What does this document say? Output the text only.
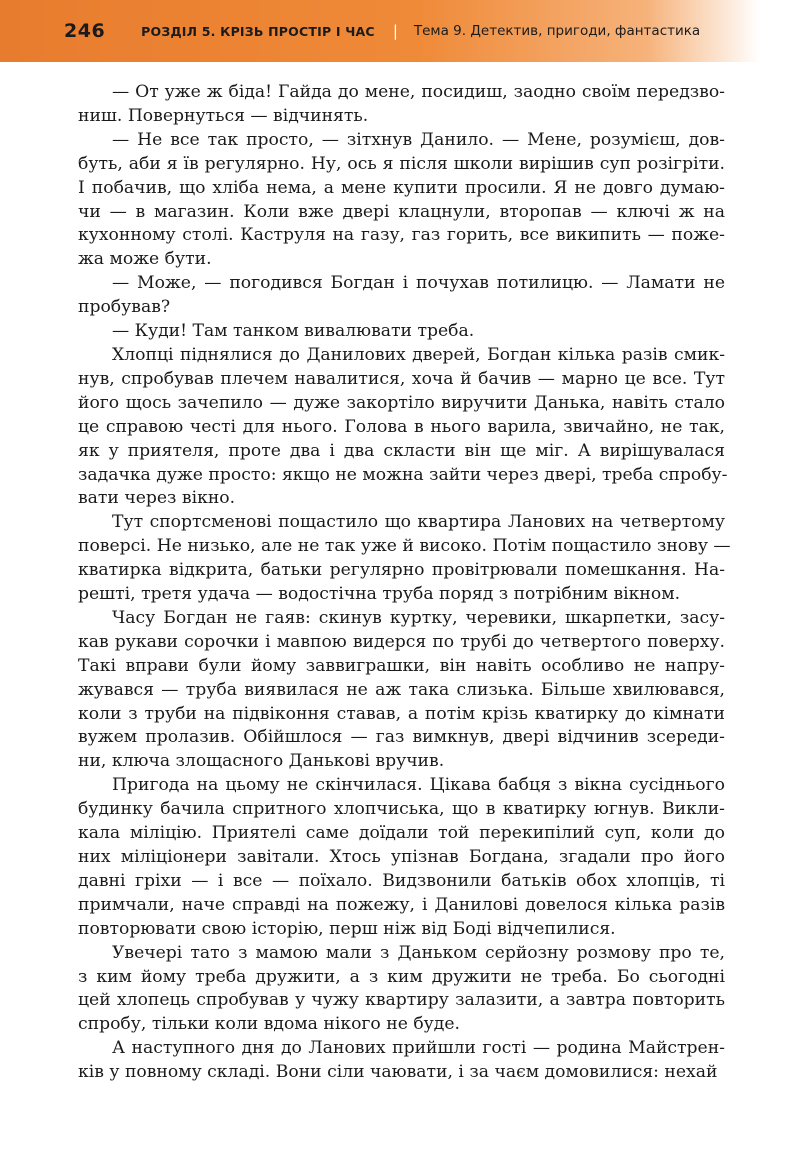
246	РОЗДІЛ 5. КРІЗЬ ПРОСТІР І ЧАС | Тема 9. Детектив, пригоди, фантастика

— От уже ж біда! Гайда до мене, посидиш, заодно своїм передзво-
ниш. Повернуться — відчинять.

— Не все так просто, — зітхнув Данило. — Мене, розумієш, дов-
буть, аби я їв регулярно. Ну, ось я після школи вирішив суп розігріти.
І побачив, що хліба нема, а мене купити просили. Я не довго думаю-
чи — в магазин. Коли вже двері клацнули, второпав — ключі ж на
кухонному столі. Каструля на газу, газ горить, все википить — поже-
жа може бути.

— Може, — погодився Богдан і почухав потилицю. — Ламати не
пробував?

— Куди! Там танком вивалювати треба.

Хлопці піднялися до Данилових дверей, Богдан кілька разів смик-
нув, спробував плечем навалитися, хоча й бачив — марно це все. Тут
його щось зачепило — дуже закортіло виручити Данька, навіть стало
це справою честі для нього. Голова в нього варила, звичайно, не так,
як у приятеля, проте два і два скласти він ще міг. А вирішувалася
задачка дуже просто: якщо не можна зайти через двері, треба спробу-
вати через вікно.

Тут спортсменові пощастило що квартира Ланових на четвертому
поверсі. Не низько, але не так уже й високо. Потім пощастило знову —
кватирка відкрита, батьки регулярно провітрювали помешкання. На-
решті, третя удача — водостічна труба поряд з потрібним вікном.

Часу Богдан не гаяв: скинув куртку, черевики, шкарпетки, засу-
кав рукави сорочки і мавпою видерся по трубі до четвертого поверху.
Такі вправи були йому заввиграшки, він навіть особливо не напру-
жувався — труба виявилася не аж така слизька. Більше хвилювався,
коли з труби на підвіконня ставав, а потім крізь кватирку до кімнати
вужем пролазив. Обійшлося — газ вимкнув, двері відчинив зсереди-
ни, ключа злощасного Данькові вручив.

Пригода на цьому не скінчилася. Цікава бабця з вікна сусіднього
будинку бачила спритного хлопчиська, що в кватирку югнув. Викли-
кала міліцію. Приятелі саме доїдали той перекипілий суп, коли до
них міліціонери завітали. Хтось упізнав Богдана, згадали про його
давні гріхи — і все — поїхало. Видзвонили батьків обох хлопців, ті
примчали, наче справді на пожежу, і Даниловi довелося кілька разів
повторювати свою історію, перш ніж від Боді відчепилися.

Увечері тато з мамою мали з Даньком серйозну розмову про те,
з ким йому треба дружити, а з ким дружити не треба. Бо сьогодні
цей хлопець спробував у чужу квартиру залазити, а завтра повторить
спробу, тільки коли вдома нікого не буде.

А наступного дня до Ланових прийшли гості — родина Майстрен-
ків у повному складі. Вони сіли чаювати, і за чаєм домовилися: нехай
